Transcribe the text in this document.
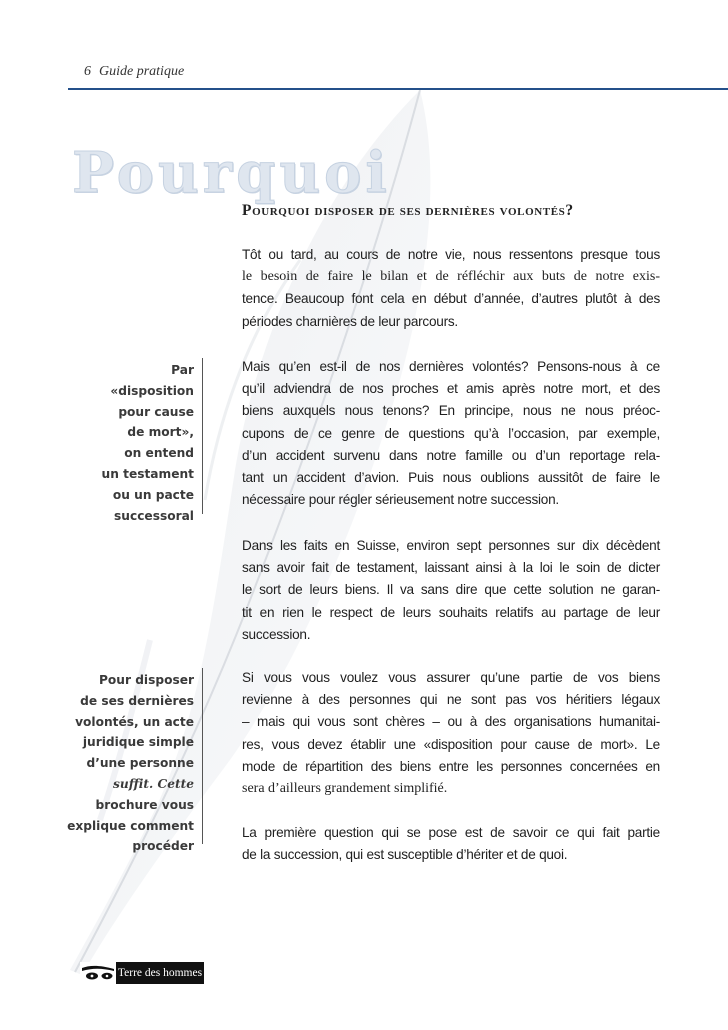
6 Guide pratique
Pourquoi
Pourquoi disposer de ses dernières volontés?
Tôt ou tard, au cours de notre vie, nous ressentons presque tous
le besoin de faire le bilan et de réfléchir aux buts de notre exis-
tence. Beaucoup font cela en début d’année, d’autres plutôt à des
périodes charnières de leur parcours.
Mais qu’en est-il de nos dernières volontés? Pensons-nous à ce
qu’il adviendra de nos proches et amis après notre mort, et des
biens auxquels nous tenons? En principe, nous ne nous préoc-
cupons de ce genre de questions qu’à l’occasion, par exemple,
d’un accident survenu dans notre famille ou d’un reportage rela-
tant un accident d’avion. Puis nous oublions aussitôt de faire le
nécessaire pour régler sérieusement notre succession.
Dans les faits en Suisse, environ sept personnes sur dix décèdent
sans avoir fait de testament, laissant ainsi à la loi le soin de dicter
le sort de leurs biens. Il va sans dire que cette solution ne garan-
tit en rien le respect de leurs souhaits relatifs au partage de leur
succession.
Si vous vous voulez vous assurer qu’une partie de vos biens
revienne à des personnes qui ne sont pas vos héritiers légaux
– mais qui vous sont chères – ou à des organisations humanitai-
res, vous devez établir une «disposition pour cause de mort». Le
mode de répartition des biens entre les personnes concernées en
sera d’ailleurs grandement simplifié.
La première question qui se pose est de savoir ce qui fait partie
de la succession, qui est susceptible d’hériter et de quoi.
Par
«disposition
pour cause
de mort»,
on entend
un testament
ou un pacte
successoral
Pour disposer
de ses dernières
volontés, un acte
juridique simple
d’une personne
suffit. Cette
brochure vous
explique comment
procéder
Terre des hommes
